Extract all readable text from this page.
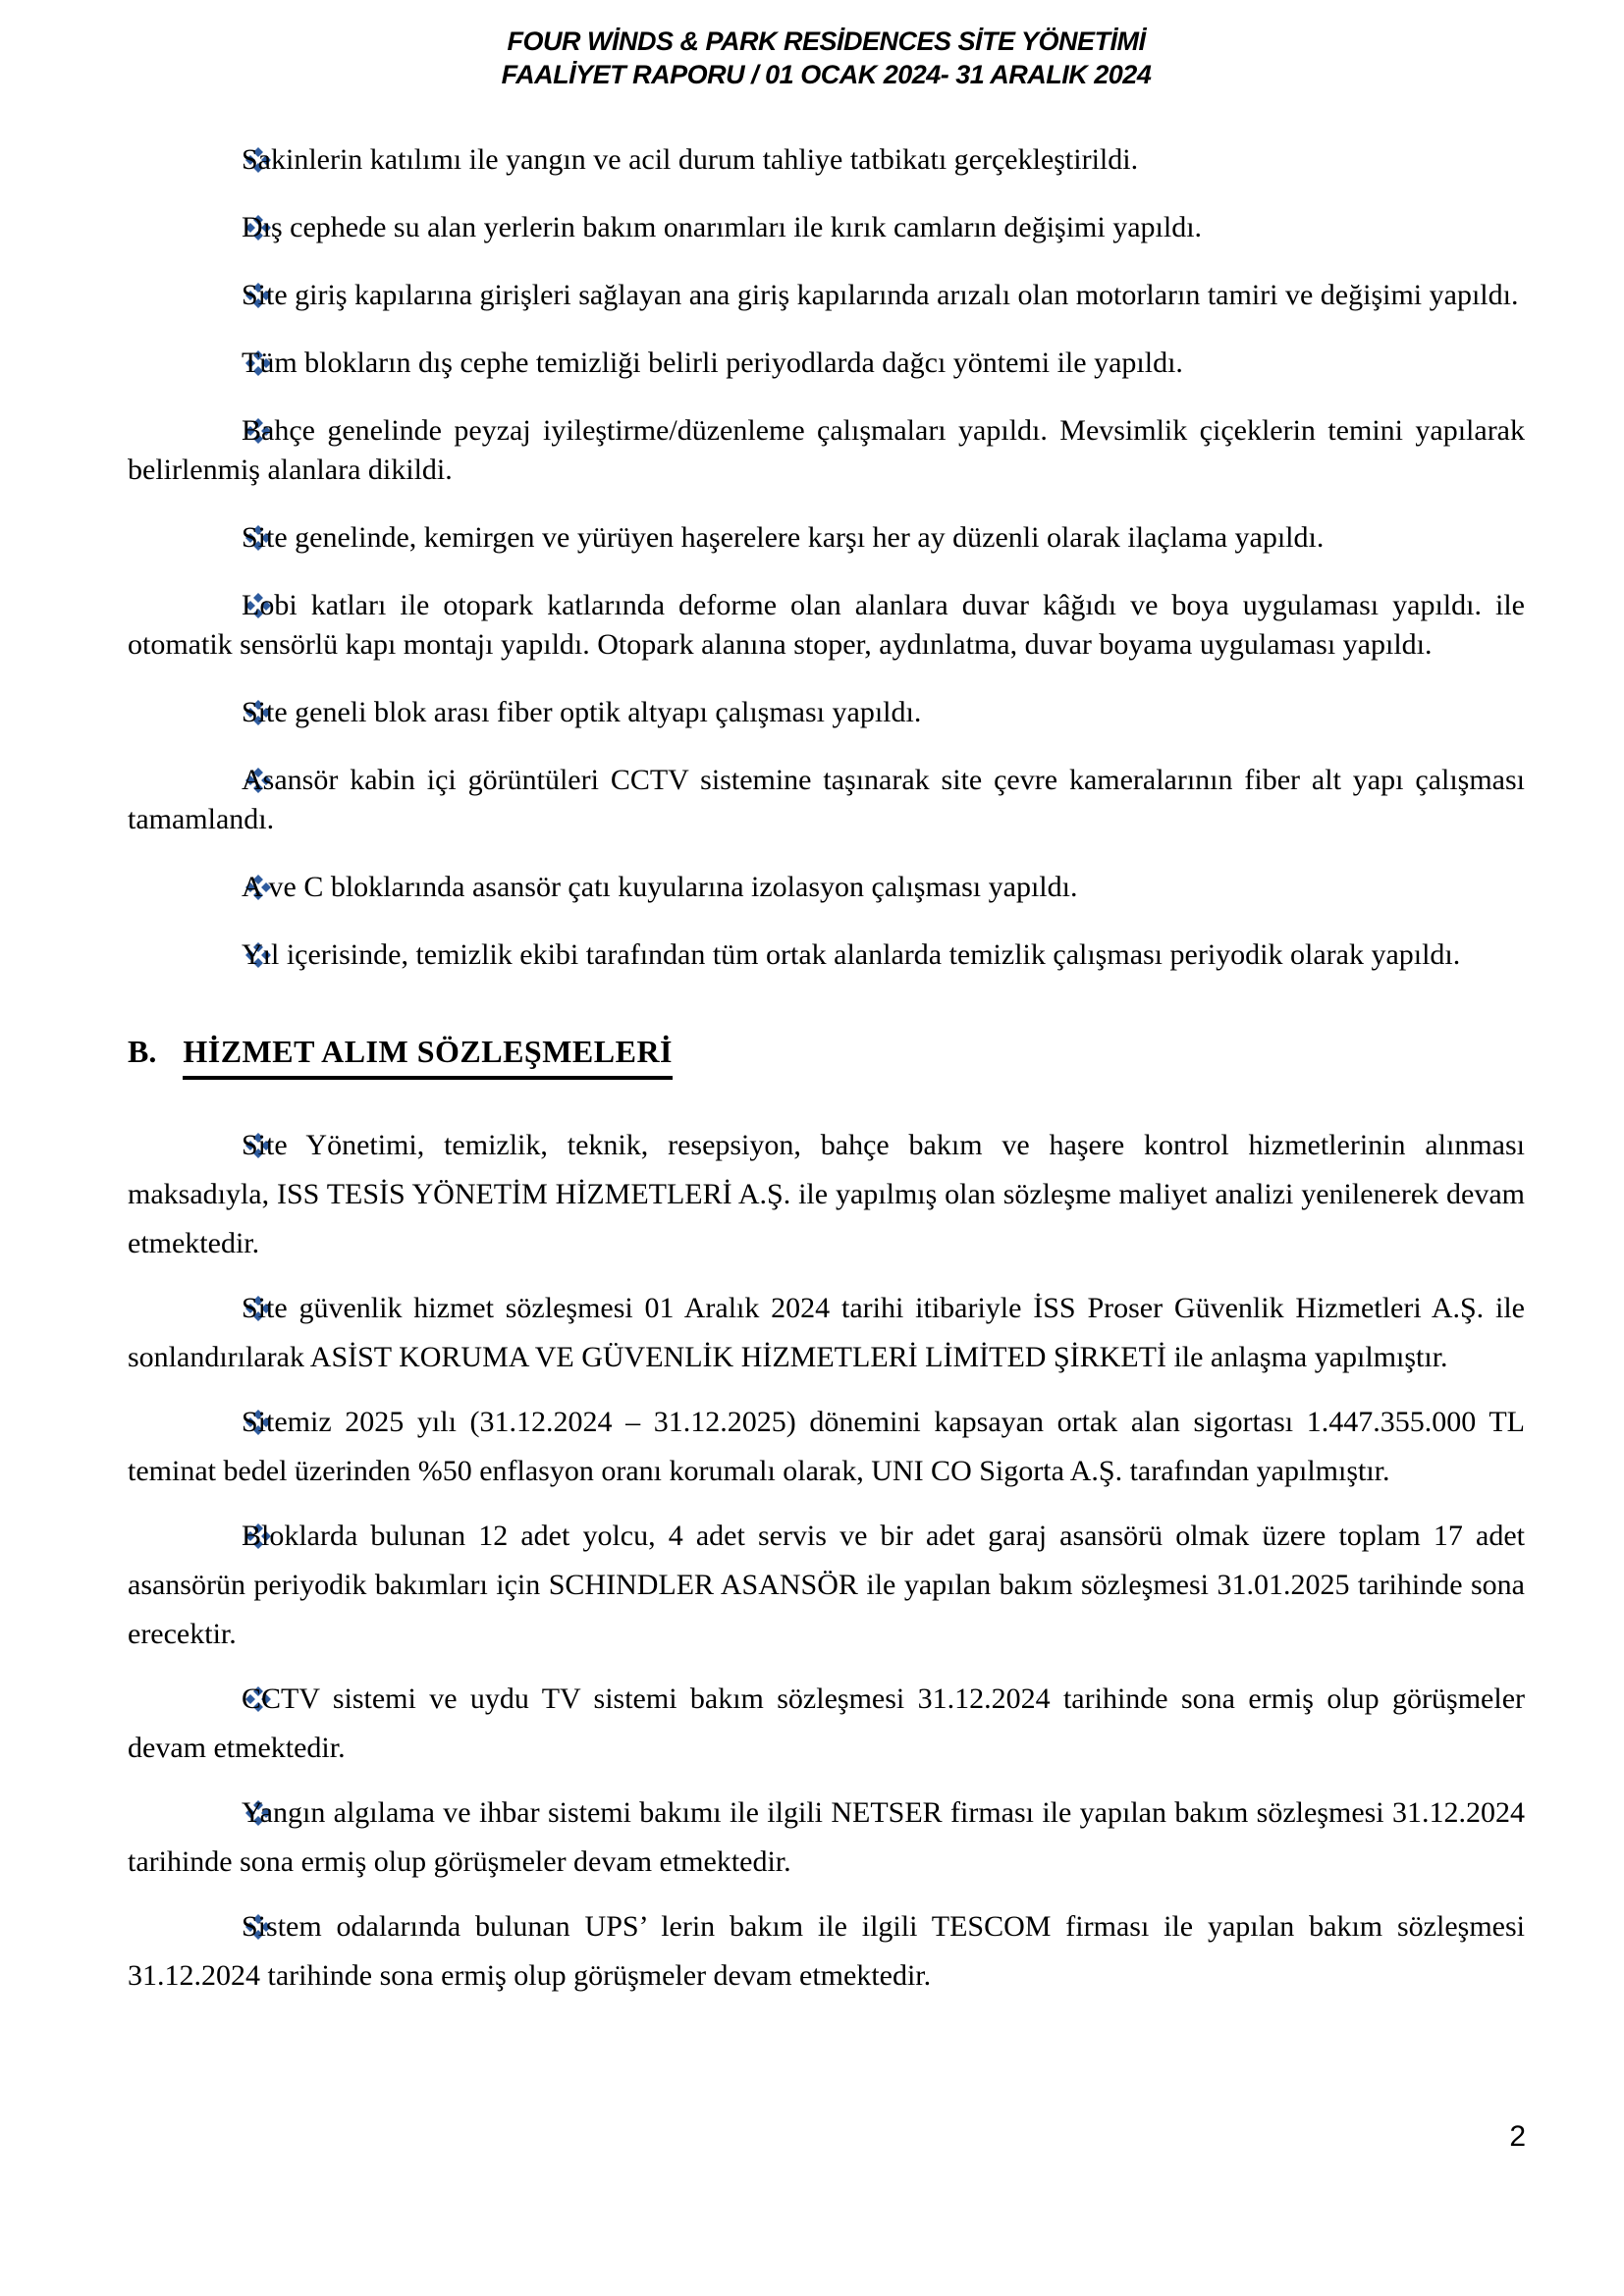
FOUR WİNDS & PARK RESİDENCES SİTE YÖNETİMİ
FAALİYET RAPORU / 01 OCAK 2024- 31 ARALIK 2024

Sakinlerin katılımı ile yangın ve acil durum tahliye tatbikatı gerçekleştirildi.

Dış cephede su alan yerlerin bakım onarımları ile kırık camların değişimi yapıldı.

Site giriş kapılarına girişleri sağlayan ana giriş kapılarında arızalı olan motorların tamiri ve değişimi yapıldı.

Tüm blokların dış cephe temizliği belirli periyodlarda dağcı yöntemi ile yapıldı.

Bahçe genelinde peyzaj iyileştirme/düzenleme çalışmaları yapıldı. Mevsimlik çiçeklerin temini yapılarak belirlenmiş alanlara dikildi.

Site genelinde, kemirgen ve yürüyen haşerelere karşı her ay düzenli olarak ilaçlama yapıldı.

Lobi katları ile otopark katlarında deforme olan alanlara duvar kâğıdı ve boya uygulaması yapıldı. ile otomatik sensörlü kapı montajı yapıldı. Otopark alanına stoper, aydınlatma, duvar boyama uygulaması yapıldı.

Site geneli blok arası fiber optik altyapı çalışması yapıldı.

Asansör kabin içi görüntüleri CCTV sistemine taşınarak site çevre kameralarının fiber alt yapı çalışması tamamlandı.

A ve C bloklarında asansör çatı kuyularına izolasyon çalışması yapıldı.

Yıl içerisinde, temizlik ekibi tarafından tüm ortak alanlarda temizlik çalışması periyodik olarak yapıldı.

B. HİZMET ALIM SÖZLEŞMELERİ

Site Yönetimi, temizlik, teknik, resepsiyon, bahçe bakım ve haşere kontrol hizmetlerinin alınması maksadıyla, ISS TESİS YÖNETİM HİZMETLERİ A.Ş. ile yapılmış olan sözleşme maliyet analizi yenilenerek devam etmektedir.

Site güvenlik hizmet sözleşmesi 01 Aralık 2024 tarihi itibariyle İSS Proser Güvenlik Hizmetleri A.Ş. ile sonlandırılarak ASİST KORUMA VE GÜVENLİK HİZMETLERİ LİMİTED ŞİRKETİ ile anlaşma yapılmıştır.

Sitemiz 2025 yılı (31.12.2024 – 31.12.2025) dönemini kapsayan ortak alan sigortası 1.447.355.000 TL teminat bedel üzerinden %50 enflasyon oranı korumalı olarak, UNI CO Sigorta A.Ş. tarafından yapılmıştır.

Bloklarda bulunan 12 adet yolcu, 4 adet servis ve bir adet garaj asansörü olmak üzere toplam 17 adet asansörün periyodik bakımları için SCHINDLER ASANSÖR ile yapılan bakım sözleşmesi 31.01.2025 tarihinde sona erecektir.

CCTV sistemi ve uydu TV sistemi bakım sözleşmesi 31.12.2024 tarihinde sona ermiş olup görüşmeler devam etmektedir.

Yangın algılama ve ihbar sistemi bakımı ile ilgili NETSER firması ile yapılan bakım sözleşmesi 31.12.2024 tarihinde sona ermiş olup görüşmeler devam etmektedir.

Sistem odalarında bulunan UPS’ lerin bakım ile ilgili TESCOM firması ile yapılan bakım sözleşmesi 31.12.2024 tarihinde sona ermiş olup görüşmeler devam etmektedir.

2
